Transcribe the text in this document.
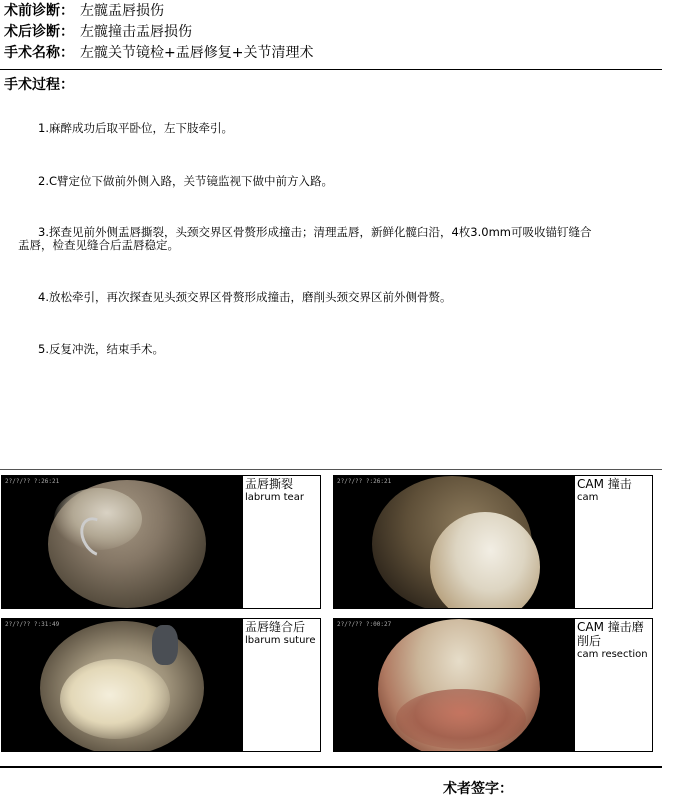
术前诊断： 左髋盂唇损伤
术后诊断： 左髋撞击盂唇损伤
手术名称： 左髋关节镜检+盂唇修复+关节清理术
手术过程：
1.麻醉成功后取平卧位，左下肢牵引。
2.C臂定位下做前外侧入路，关节镜监视下做中前方入路。
3.探查见前外侧盂唇撕裂，头颈交界区骨赘形成撞击；清理盂唇，新鲜化髋臼沿，4枚3.0mm可吸收锚钉缝合
盂唇，检查见缝合后盂唇稳定。
4.放松牵引，再次探查见头颈交界区骨赘形成撞击，磨削头颈交界区前外侧骨赘。
5.反复冲洗，结束手术。
2?/?/?? ?:26:21	盂唇撕裂
labrum tear
2?/?/?? ?:26:21	CAM 撞击
cam
2?/?/?? ?:31:49	盂唇缝合后
lbarum suture
2?/?/?? ?:00:27	CAM 撞击磨削后
cam resection
术者签字：
